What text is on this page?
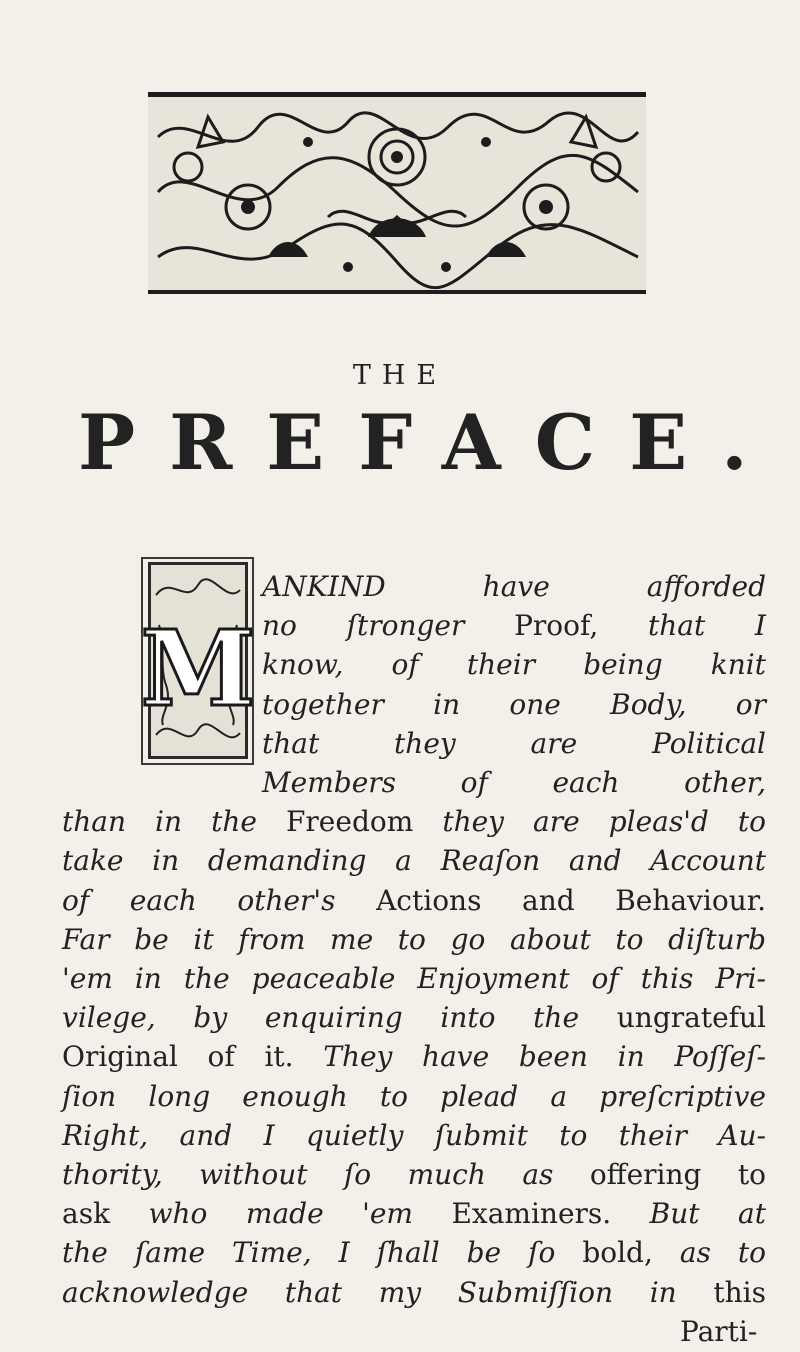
THE
PREFACE.
M
ANKIND have afforded
no ſtronger Proof, that I
know, of their being knit
together in one Body, or
that they are Political
Members of each other,
than in the Freedom they are pleas'd to
take in demanding a Reaſon and Account
of each other's Actions and Behaviour.
Far be it from me to go about to diſturb
'em in the peaceable Enjoyment of this Pri-
vilege, by enquiring into the ungrateful
Original of it. They have been in Poſſeſ-
ſion long enough to plead a preſcriptive
Right, and I quietly ſubmit to their Au-
thority, without ſo much as offering to
ask who made 'em Examiners. But at
the ſame Time, I ſhall be ſo bold, as to
acknowledge that my Submiſſion in this
Parti-
